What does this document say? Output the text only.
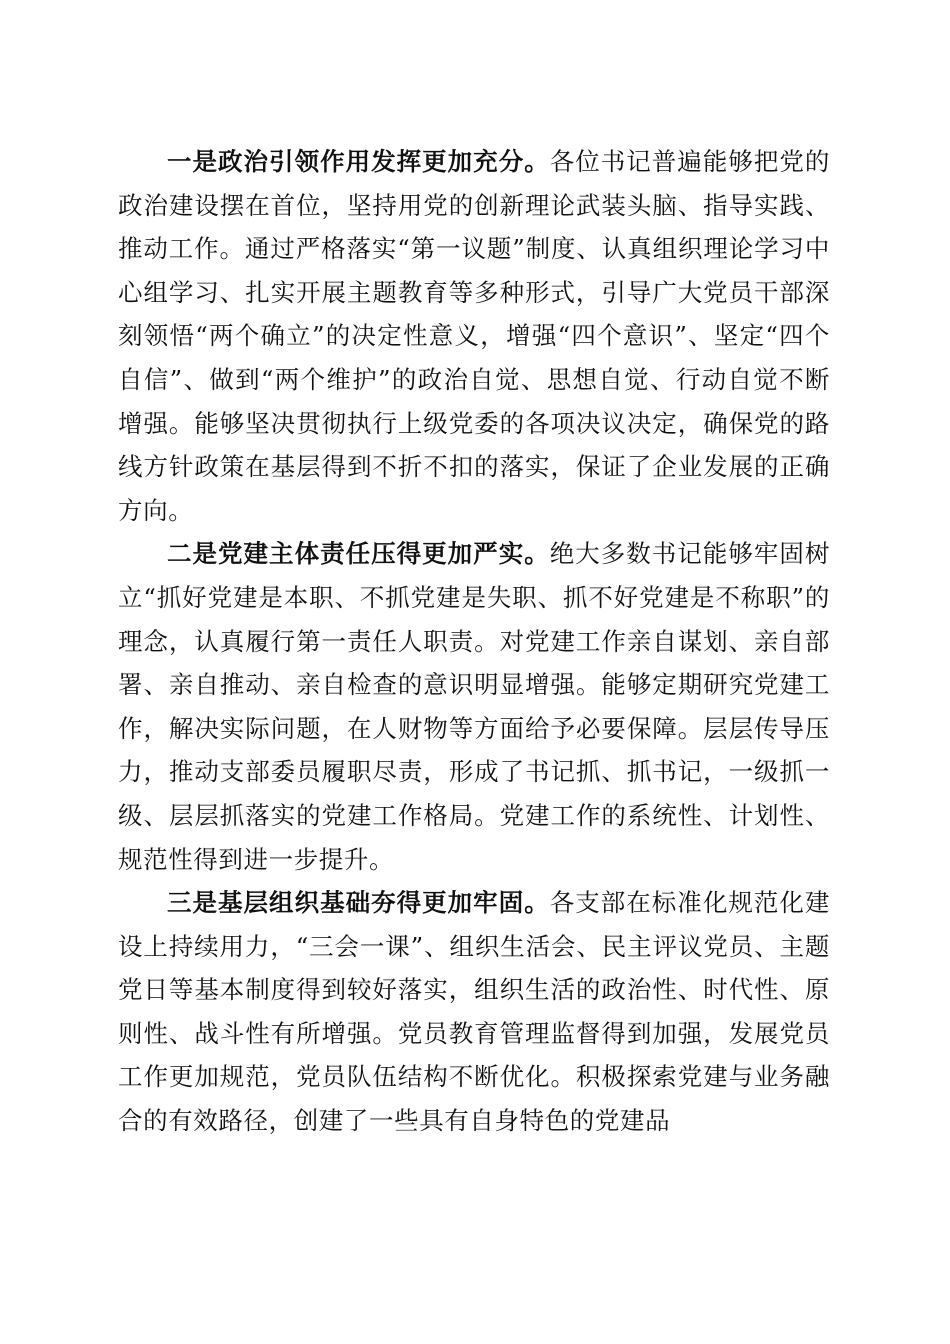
一是政治引领作用发挥更加充分。各位书记普遍能够把党的政治建设摆在首位，坚持用党的创新理论武装头脑、指导实践、推动工作。通过严格落实“第一议题”制度、认真组织理论学习中心组学习、扎实开展主题教育等多种形式，引导广大党员干部深刻领悟“两个确立”的决定性意义，增强“四个意识”、坚定“四个自信”、做到“两个维护”的政治自觉、思想自觉、行动自觉不断增强。能够坚决贯彻执行上级党委的各项决议决定，确保党的路线方针政策在基层得到不折不扣的落实，保证了企业发展的正确方向。

二是党建主体责任压得更加严实。绝大多数书记能够牢固树立“抓好党建是本职、不抓党建是失职、抓不好党建是不称职”的理念，认真履行第一责任人职责。对党建工作亲自谋划、亲自部署、亲自推动、亲自检查的意识明显增强。能够定期研究党建工作，解决实际问题，在人财物等方面给予必要保障。层层传导压力，推动支部委员履职尽责，形成了书记抓、抓书记，一级抓一级、层层抓落实的党建工作格局。党建工作的系统性、计划性、规范性得到进一步提升。

三是基层组织基础夯得更加牢固。各支部在标准化规范化建设上持续用力，“三会一课”、组织生活会、民主评议党员、主题党日等基本制度得到较好落实，组织生活的政治性、时代性、原则性、战斗性有所增强。党员教育管理监督得到加强，发展党员工作更加规范，党员队伍结构不断优化。积极探索党建与业务融合的有效路径，创建了一些具有自身特色的党建品
